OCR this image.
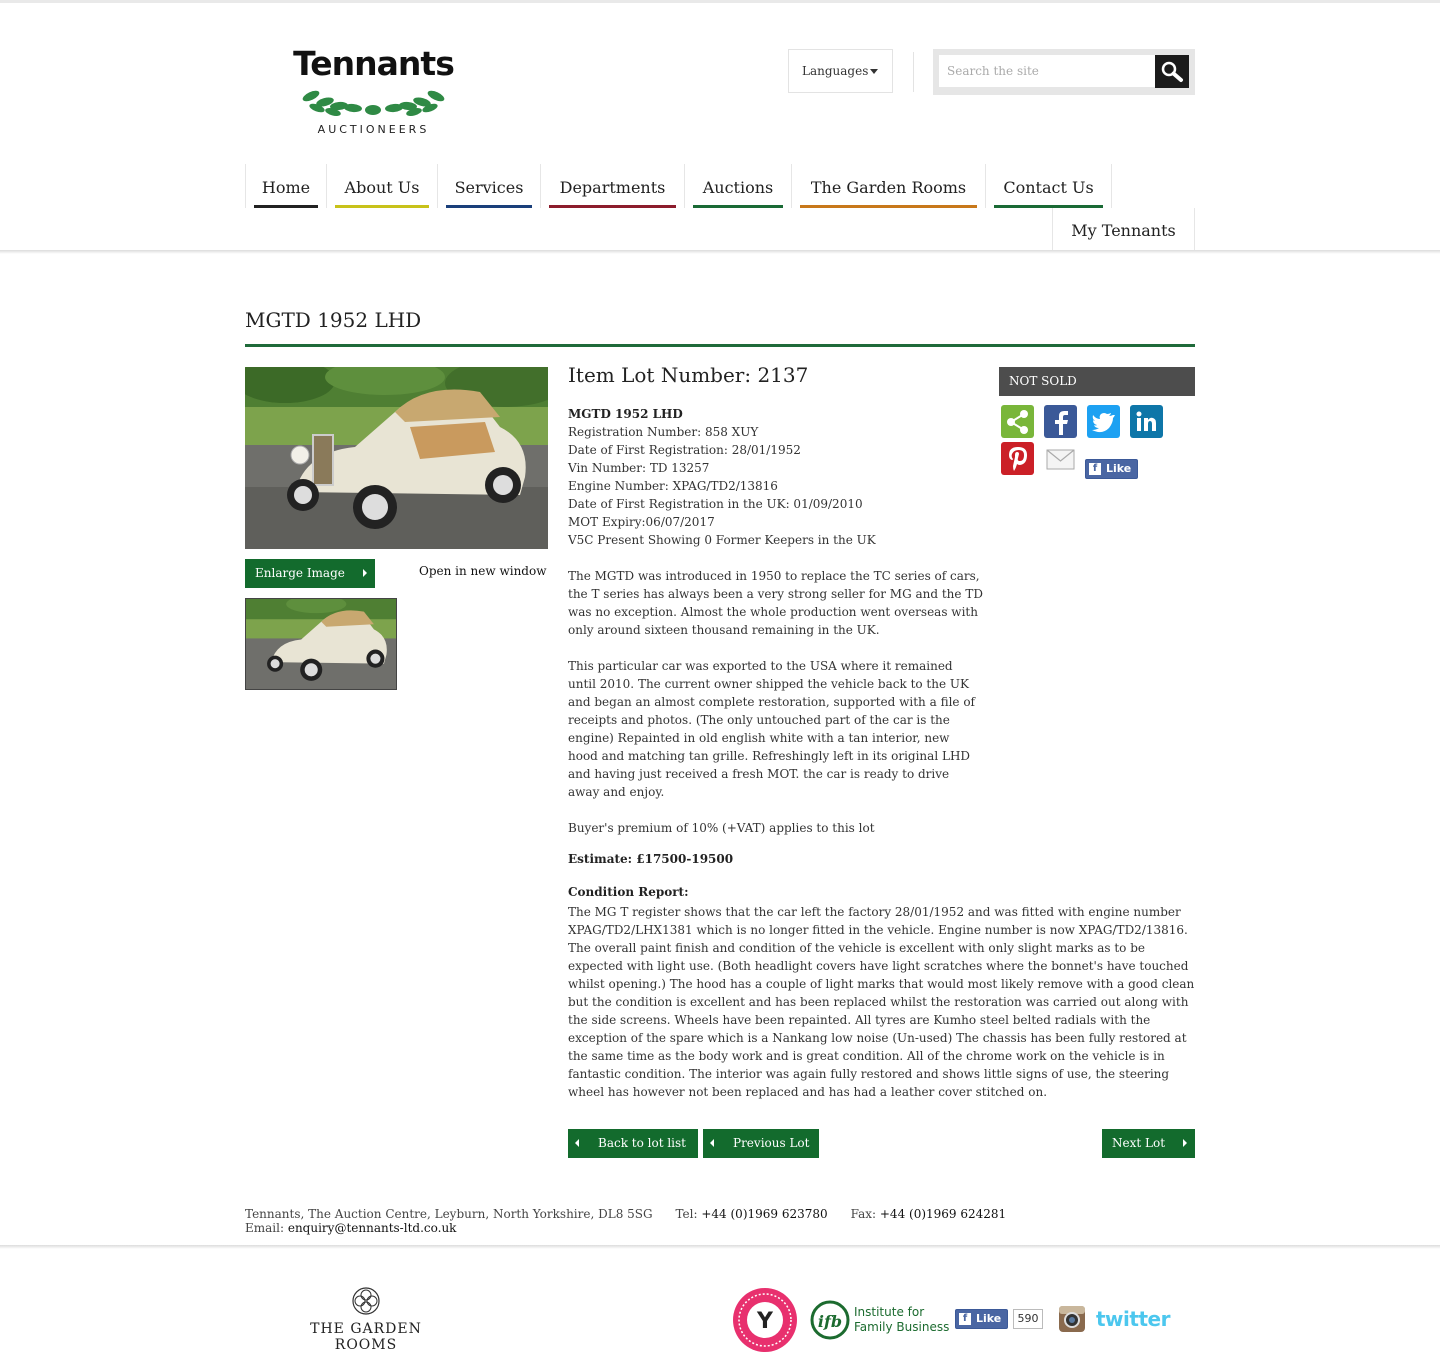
Tennants
AUCTIONEERS
Languages
Search the site
Home	About Us	Services	Departments	Auctions	The Garden Rooms	Contact Us
My Tennants
MGTD 1952 LHD
Enlarge Image	Open in new window
Item Lot Number: 2137

MGTD 1952 LHD
Registration Number: 858 XUY
Date of First Registration: 28/01/1952
Vin Number: TD 13257
Engine Number: XPAG/TD2/13816
Date of First Registration in the UK: 01/09/2010
MOT Expiry:06/07/2017
V5C Present Showing 0 Former Keepers in the UK

The MGTD was introduced in 1950 to replace the TC series of cars, the T series has always been a very strong seller for MG and the TD was no exception. Almost the whole production went overseas with only around sixteen thousand remaining in the UK.

This particular car was exported to the USA where it remained until 2010. The current owner shipped the vehicle back to the UK and began an almost complete restoration, supported with a file of receipts and photos. (The only untouched part of the car is the engine) Repainted in old english white with a tan interior, new hood and matching tan grille. Refreshingly left in its original LHD and having just received a fresh MOT. the car is ready to drive away and enjoy.

Buyer's premium of 10% (+VAT) applies to this lot

Estimate: £17500-19500
Condition Report:
The MG T register shows that the car left the factory 28/01/1952 and was fitted with engine number XPAG/TD2/LHX1381 which is no longer fitted in the vehicle. Engine number is now XPAG/TD2/13816. The overall paint finish and condition of the vehicle is excellent with only slight marks as to be expected with light use. (Both headlight covers have light scratches where the bonnet's have touched whilst opening.) The hood has a couple of light marks that would most likely remove with a good clean but the condition is excellent and has been replaced whilst the restoration was carried out along with the side screens. Wheels have been repainted. All tyres are Kumho steel belted radials with the exception of the spare which is a Nankang low noise (Un-used) The chassis has been fully restored at the same time as the body work and is great condition. All of the chrome work on the vehicle is in fantastic condition. The interior was again fully restored and shows little signs of use, the steering wheel has however not been replaced and has had a leather cover stitched on.
Back to lot list	Previous Lot	Next Lot
NOT SOLD
f Like
Tennants, The Auction Centre, Leyburn, North Yorkshire, DL8 5SG Tel: +44 (0)1969 623780 Fax: +44 (0)1969 624281
Email: enquiry@tennants-ltd.co.uk
THE GARDEN ROOMS
Y	ifb Institute for
Family Business
f Like	590	twitter
